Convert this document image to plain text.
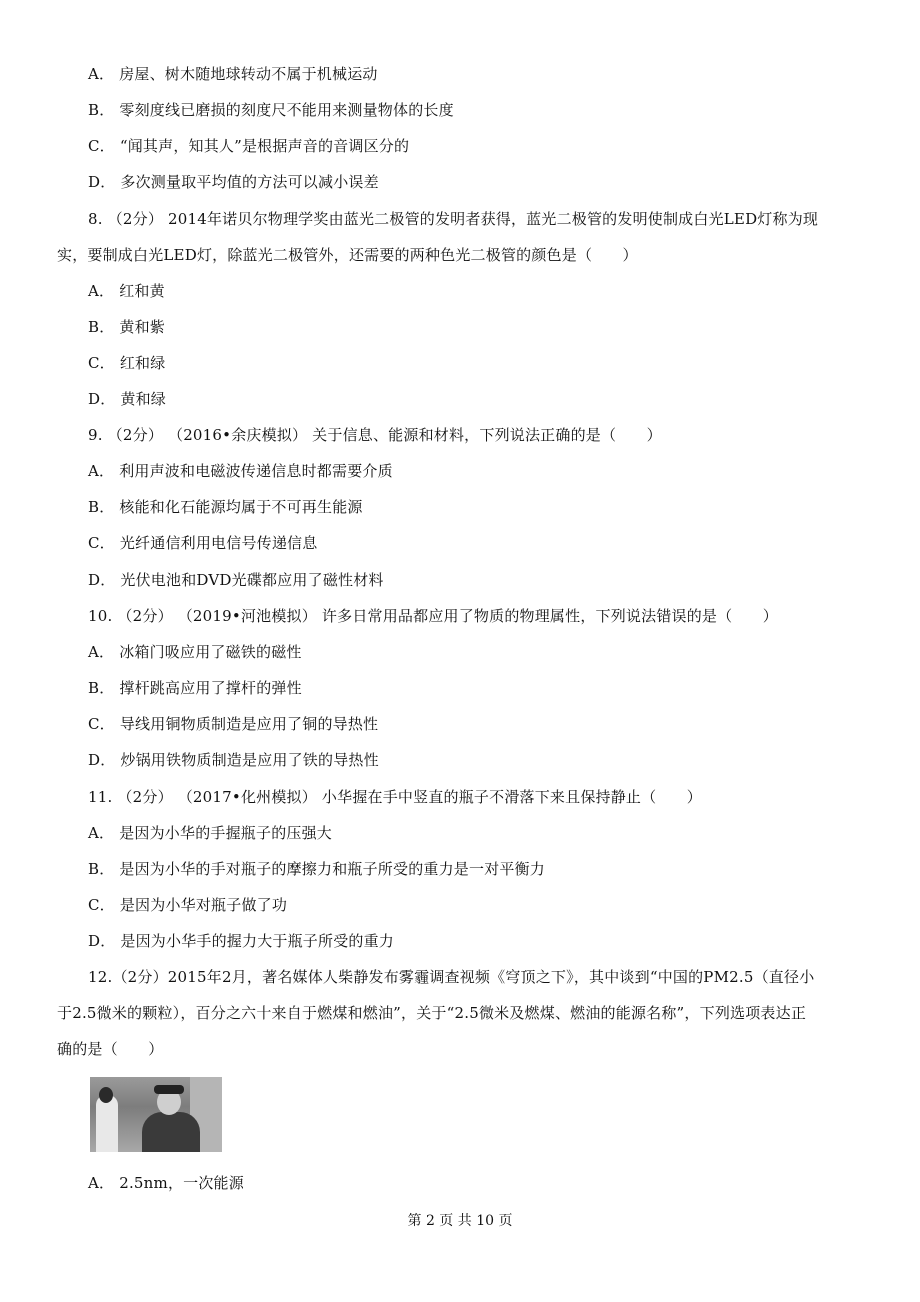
A． 房屋、树木随地球转动不属于机械运动
B． 零刻度线已磨损的刻度尺不能用来测量物体的长度
C． “闻其声，知其人”是根据声音的音调区分的
D． 多次测量取平均值的方法可以减小误差
8. （2分） 2014年诺贝尔物理学奖由蓝光二极管的发明者获得，蓝光二极管的发明使制成白光LED灯称为现
实，要制成白光LED灯，除蓝光二极管外，还需要的两种色光二极管的颜色是（　　）
A． 红和黄
B． 黄和紫
C． 红和绿
D． 黄和绿
9. （2分） （2016•余庆模拟） 关于信息、能源和材料，下列说法正确的是（　　）
A． 利用声波和电磁波传递信息时都需要介质
B． 核能和化石能源均属于不可再生能源
C． 光纤通信利用电信号传递信息
D． 光伏电池和DVD光碟都应用了磁性材料
10. （2分） （2019•河池模拟） 许多日常用品都应用了物质的物理属性，下列说法错误的是（　　）
A． 冰箱门吸应用了磁铁的磁性
B． 撑杆跳高应用了撑杆的弹性
C． 导线用铜物质制造是应用了铜的导热性
D． 炒锅用铁物质制造是应用了铁的导热性
11. （2分） （2017•化州模拟） 小华握在手中竖直的瓶子不滑落下来且保持静止（　　）
A． 是因为小华的手握瓶子的压强大
B． 是因为小华的手对瓶子的摩擦力和瓶子所受的重力是一对平衡力
C． 是因为小华对瓶子做了功
D． 是因为小华手的握力大于瓶子所受的重力
12.（2分）2015年2月，著名媒体人柴静发布雾霾调查视频《穹顶之下》，其中谈到“中国的PM2.5（直径小
于2.5微米的颗粒），百分之六十来自于燃煤和燃油”，关于“2.5微米及燃煤、燃油的能源名称”，下列选项表达正
确的是（　　）
A． 2.5nm，一次能源
第 2 页 共 10 页
